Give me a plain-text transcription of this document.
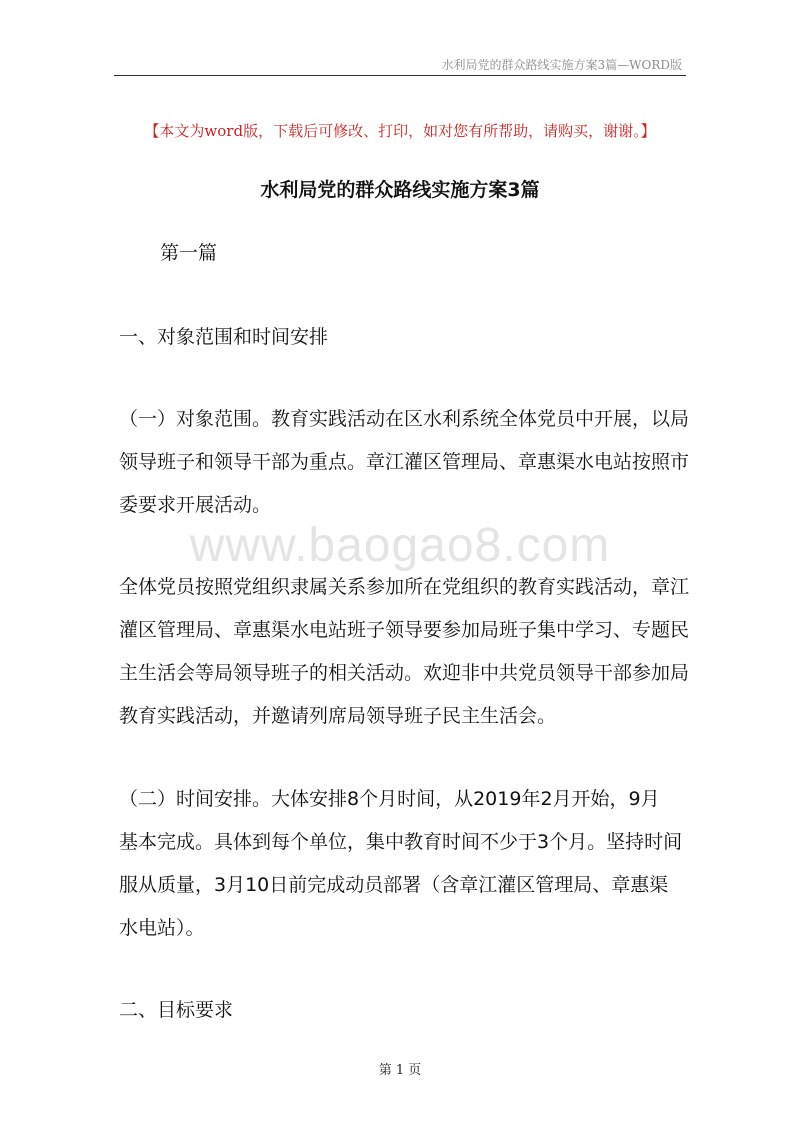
水利局党的群众路线实施方案3篇—WORD版
【本文为word版，下载后可修改、打印，如对您有所帮助，请购买，谢谢。】
水利局党的群众路线实施方案3篇

第一篇

一、对象范围和时间安排

（一）对象范围。教育实践活动在区水利系统全体党员中开展，以局

领导班子和领导干部为重点。章江灌区管理局、章惠渠水电站按照市

委要求开展活动。

www.baogao8.com

全体党员按照党组织隶属关系参加所在党组织的教育实践活动，章江

灌区管理局、章惠渠水电站班子领导要参加局班子集中学习、专题民

主生活会等局领导班子的相关活动。欢迎非中共党员领导干部参加局

教育实践活动，并邀请列席局领导班子民主生活会。

（二）时间安排。大体安排8个月时间，从2019年2月开始，9月

基本完成。具体到每个单位，集中教育时间不少于3个月。坚持时间

服从质量，3月10日前完成动员部署（含章江灌区管理局、章惠渠

水电站）。

二、目标要求

第 1 页
